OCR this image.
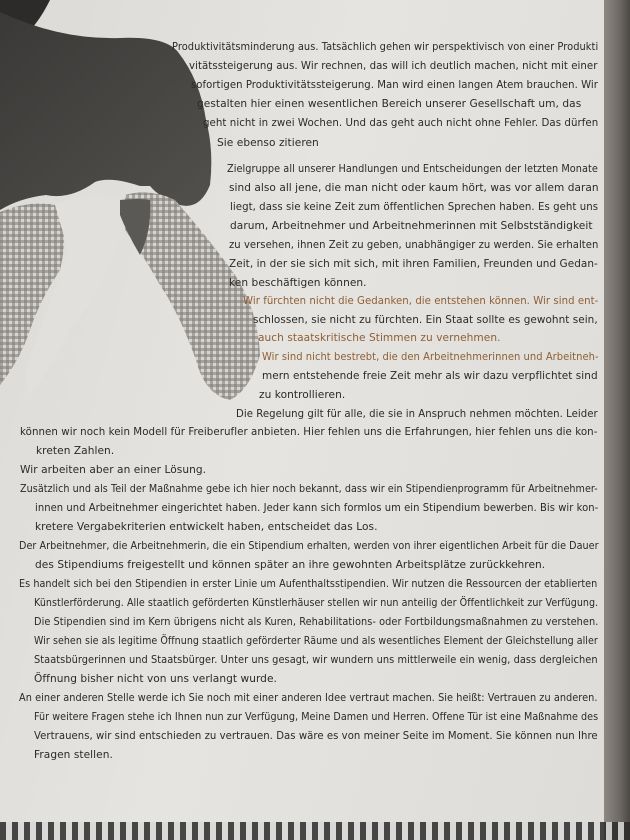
Produktivitätsminderung aus. Tatsächlich gehen wir perspektivisch von einer Produkti
vitätssteigerung aus. Wir rechnen, das will ich deutlich machen, nicht mit einer
sofortigen Produktivitätssteigerung. Man wird einen langen Atem brauchen. Wir
gestalten hier einen wesentlichen Bereich unserer Gesellschaft um, das
geht nicht in zwei Wochen. Und das geht auch nicht ohne Fehler. Das dürfen
Sie ebenso zitieren
Zielgruppe all unserer Handlungen und Entscheidungen der letzten Monate
sind also all jene, die man nicht oder kaum hört, was vor allem daran
liegt, dass sie keine Zeit zum öffentlichen Sprechen haben. Es geht uns
darum, Arbeitnehmer und Arbeitnehmerinnen mit Selbstständigkeit
zu versehen, ihnen Zeit zu geben, unabhängiger zu werden. Sie erhalten
Zeit, in der sie sich mit sich, mit ihren Familien, Freunden und Gedan-
ken beschäftigen können.
Wir fürchten nicht die Gedanken, die entstehen können. Wir sind ent-
schlossen, sie nicht zu fürchten. Ein Staat sollte es gewohnt sein,
auch staatskritische Stimmen zu vernehmen.
Wir sind nicht bestrebt, die den Arbeitnehmerinnen und Arbeitneh-
mern entstehende freie Zeit mehr als wir dazu verpflichtet sind
zu kontrollieren.
Die Regelung gilt für alle, die sie in Anspruch nehmen möchten. Leider
können wir noch kein Modell für Freiberufler anbieten. Hier fehlen uns die Erfahrungen, hier fehlen uns die kon-
kreten Zahlen.
Wir arbeiten aber an einer Lösung.
Zusätzlich und als Teil der Maßnahme gebe ich hier noch bekannt, dass wir ein Stipendienprogramm für Arbeitnehmer-
innen und Arbeitnehmer eingerichtet haben. Jeder kann sich formlos um ein Stipendium bewerben. Bis wir kon-
kretere Vergabekriterien entwickelt haben, entscheidet das Los.
Der Arbeitnehmer, die Arbeitnehmerin, die ein Stipendium erhalten, werden von ihrer eigentlichen Arbeit für die Dauer
des Stipendiums freigestellt und können später an ihre gewohnten Arbeitsplätze zurückkehren.
Es handelt sich bei den Stipendien in erster Linie um Aufenthaltsstipendien. Wir nutzen die Ressourcen der etablierten
Künstlerförderung. Alle staatlich geförderten Künstlerhäuser stellen wir nun anteilig der Öffentlichkeit zur Verfügung.
Die Stipendien sind im Kern übrigens nicht als Kuren, Rehabilitations- oder Fortbildungsmaßnahmen zu verstehen.
Wir sehen sie als legitime Öffnung staatlich geförderter Räume und als wesentliches Element der Gleichstellung aller
Staatsbürgerinnen und Staatsbürger. Unter uns gesagt, wir wundern uns mittlerweile ein wenig, dass dergleichen
Öffnung bisher nicht von uns verlangt wurde.
An einer anderen Stelle werde ich Sie noch mit einer anderen Idee vertraut machen. Sie heißt: Vertrauen zu anderen.
Für weitere Fragen stehe ich Ihnen nun zur Verfügung, Meine Damen und Herren. Offene Tür ist eine Maßnahme des
Vertrauens, wir sind entschieden zu vertrauen. Das wäre es von meiner Seite im Moment. Sie können nun Ihre
Fragen stellen.
